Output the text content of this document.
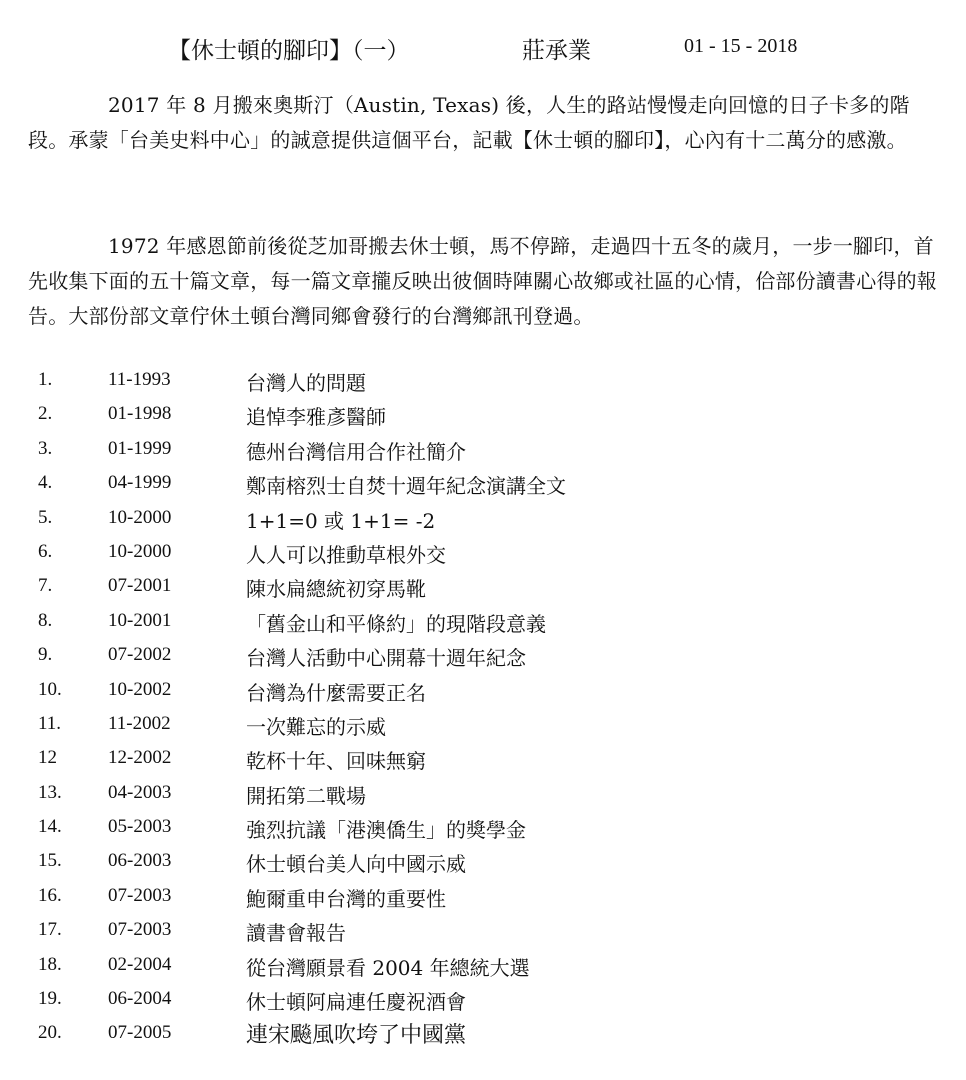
【休士頓的腳印】（一）	莊承業	01 - 15 - 2018

2017 年 8 月搬來奧斯汀（Austin, Texas) 後，人生的路站慢慢走向回憶的日子卡多的階段。承蒙「台美史料中心」的誠意提供這個平台，記載【休士頓的腳印】，心內有十二萬分的感激。

1972 年感恩節前後從芝加哥搬去休士頓，馬不停蹄，走過四十五冬的歲月，一步一腳印，首先收集下面的五十篇文章，每一篇文章攏反映出彼個時陣關心故鄉或社區的心情，佮部份讀書心得的報告。大部份部文章佇休土頓台灣同鄉會發行的台灣鄉訊刊登過。

1.	11-1993	台灣人的問題
2.	01-1998	追悼李雅彥醫師
3.	01-1999	德州台灣信用合作社簡介
4.	04-1999	鄭南榕烈士自焚十週年紀念演講全文
5.	10-2000	1+1=0 或 1+1= -2
6.	10-2000	人人可以推動草根外交
7.	07-2001	陳水扁總統初穿馬靴
8.	10-2001	「舊金山和平條約」的現階段意義
9.	07-2002	台灣人活動中心開幕十週年紀念
10. 10-2002	台灣為什麼需要正名
11. 11-2002	一次難忘的示威
12	12-2002	乾杯十年、回味無窮
13. 04-2003	開拓第二戰場
14. 05-2003	強烈抗議「港澳僑生」的獎學金
15. 06-2003	休士頓台美人向中國示威
16. 07-2003	鮑爾重申台灣的重要性
17. 07-2003	讀書會報告
18. 02-2004	從台灣願景看 2004 年總統大選
19. 06-2004	休士頓阿扁連任慶祝酒會
20. 07-2005	連宋飈風吹垮了中國黨
